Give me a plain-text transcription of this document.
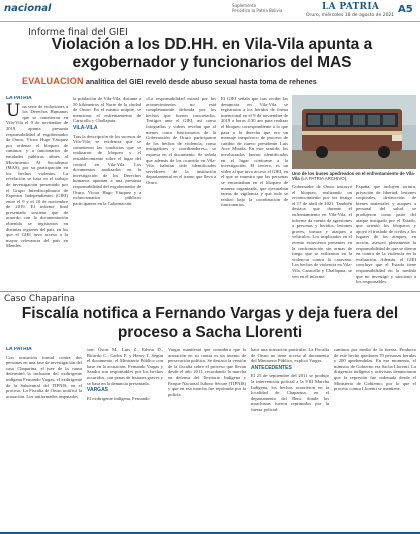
nacional	Suplemento
Periódico la Patria Bolivia	LA PATRIA
Oruro, miércoles 18 de agosto de 2021
A5
Informe final del GIEI
Violación a los DD.HH. en Vila-Vila apunta a exgobernador y funcionarios del MAS
EVALUACIÓN analítica del GIEI reveló desde abuso sexual hasta toma de rehenes
LA PATRIA
U na serie de violaciones a los Derechos Humanos que se cometieron en Vila-Vila el 9 de noviembre de 2019, apunta presunta responsabilidad al exgobernador de Oruro, Víctor Hugo Vásquez por ordenar el bloqueo de caminos, y a funcionarios de entidades públicas afines al Movimiento Al Socialismo (MAS), por su participación en los hechos violentos. La revelación se basa en el trabajo de investigación presentado por el Grupo Interdisciplinario de Expertos Independientes (GIEI) entre el 9 y el 10 de noviembre de 2019. El informe final presentado sostiene que de acuerdo con la documentación obtenida se registraron en distintas regiones del país, en los que el GIEI tuvo acceso a la mayor relevancia del país en Mendes.
la población de Vila-Vila, distante a 50 kilómetros al Norte de la ciudad de Oruro. En el mismo acápite, se menciona, el enfrentamiento de Caracollo y Challapata.
VILA-VILA
Tras la descripción de los sucesos de Vila-Vila, se evidencia que se cometieron las conductas que se realizaron de bloqueo y el restablecimiento sobre el lugar del control en Vila-Vila. Los documentos analizados en la investigación de los Derechos humanos apuntan a una presunta responsabilidad del exgobernador de Oruro, Víctor Hugo Vásquez y a exfuncionarios públicos participantes en la Gobernación.
«La responsabilidad estatal por los acontecimientos no está completamente definida por los hechos que fueron concretados. Testigos ante el GIEI, así como fotografías y videos revelan que al menos cinco funcionarios de la Gobernación de Oruro participaron de los hechos de violencia, como instigadores y coordinadores», se expresa en el documento. Se señala que además de los ocurrido en Vila-Vila, habrían sido identificados servidores de la institución departamental en el tramo que lleva a Oruro.
El GIEI señala que tras recibir las denuncias en Vila-Vila se registraron a los heridos de forma intencional en el 9 de noviembre de 2019 a horas 4:30 am para realizar el bloqueo correspondiente a lo que pasa a la derecha que era un mensaje inequívoco de proceso de cambio de nuevo presidente Luis Arce Mirada. En este sentido, los involucrados fueron identificados en el lugar conforme a la investigación. El tercero, es un vídeo al que tuvo acceso el GIEI, en el que se muestra que las personas se encontraban en el bloqueo de manera organizada, que ejecutaban tareas de vigilancia y que todo se realizó bajo la coordinación de funcionarios.
Uno de los buses apedreados en el enfrentamiento de Vila-Vila (LA PATRIA ARCHIVO).
Gobernador de Oruro instruyó el bloqueo, realizando un reconocimiento por ser testigo el 17 de abril de 2021. También destaca que durante el enfrentamiento en Vila-Vila, el informe da cuenta de agresiones a personas y heridos, lesiones graves, tortura y ataques a vehículos. Los implicados en el evento estuvieron presentes en la confrontación sin armas de fuego que se utilizaron en la violencia contra la caravana. Los hechos de violencia en Vila-Vila, Caracollo y Challapata, se ven en el informe.
España, que incluyen tortura, privación de libertad, lesiones corporales, destrucción de bienes materiales y ataques a personal del salud, se produjeron como parte del ataque instigado por el Estado, que orientó los bloqueos y apoyó el traslado de civiles a los lugares de los ataques, en acción, asesoró plenamente la responsabilidad de que se dieron en contra de la violencia en la evaluación. Además, el GIEI concluye que el Estado tiene responsabilidad en la medida que no investigó y sancionó a los responsables.
Caso Chaparina
Fiscalía notifica a Fernando Vargas y deja fuera del proceso a Sacha Llorenti
LA PATRIA
Con acusación formal contra dos personas en una fase de investigación del caso Chaparina, el juez de la causa determinó la inclusión del exdirigente indígena Fernando Vargas, el exdirigente de la Subcentral del TIPNIS, en el proceso. La Fiscalía de Oruro notificó la acusación. Los uniformados imputados
son: Óscar M., Luis Z., Edwin D., Ricardo C., Carlos F. y Henry T. Según el documento, el Ministerio Público con base en la acusación, Fernando Vargas y Sandra son responsables por los hechos ocurridos, con penas de lesiones graves y se basa en la denuncia presentada.
VARGAS
El exdirigente indígena, Fernando
Vargas manifestó que considera que la acusación en su contra es un intento de persecución política. Se destaca la versión de la fiscalía sobre el proceso que llevan desde el año 2011, recordando la marcha en defensa del Territorio Indígena y Parque Nacional Isiboro Sécure (TIPNIS) y que en esa marcha fue reprimida por la policía.
hace una acusación particular. La Fiscalía de Oruro no tiene acceso al documento del Ministerio Público, explicó Vargas.
ANTECEDENTES
El 25 de septiembre del 2011 se produjo la intervención policial a la VIII Marcha Indígena, los hechos ocurrieron en la localidad de Chaparina, en el departamento del Beni, donde los marchistas fueron reprimidos por la fuerza policial.
caminos por medio de la fuerza. Producto de este hecho quedaron 70 personas heridas y 200 aprehendidas. En ese momento, el ministro de Gobierno era Sacha Llorenti. La dirigencia indígena y activistas denunciaron que la represión fue ordenada desde el Ministerio de Gobierno, por lo que el proceso contra Llorenti se mantiene.
